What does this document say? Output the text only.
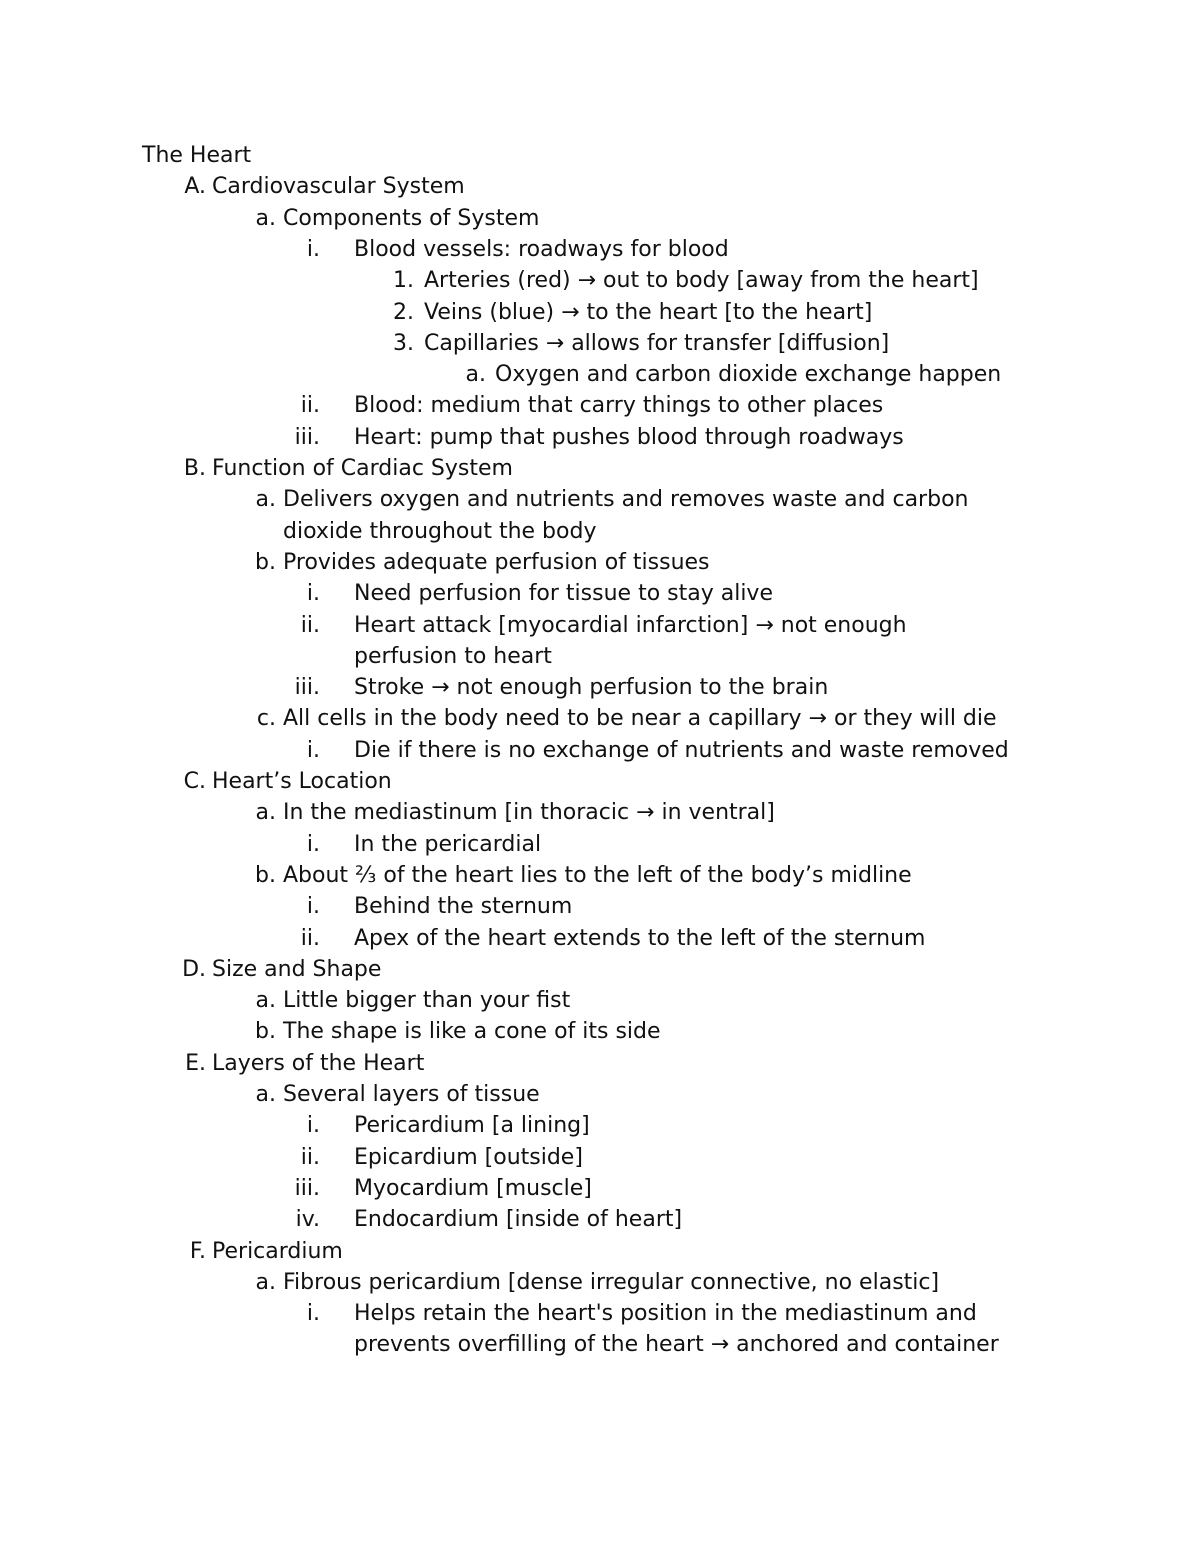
The Heart
A. Cardiovascular System
a. Components of System
i. Blood vessels: roadways for blood
1. Arteries (red) → out to body [away from the heart]
2. Veins (blue) → to the heart [to the heart]
3. Capillaries → allows for transfer [diffusion]
a. Oxygen and carbon dioxide exchange happen
ii. Blood: medium that carry things to other places
iii. Heart: pump that pushes blood through roadways
B. Function of Cardiac System
a. Delivers oxygen and nutrients and removes waste and carbon
dioxide throughout the body
b. Provides adequate perfusion of tissues
i. Need perfusion for tissue to stay alive
ii. Heart attack [myocardial infarction] → not enough
perfusion to heart
iii. Stroke → not enough perfusion to the brain
c. All cells in the body need to be near a capillary → or they will die
i. Die if there is no exchange of nutrients and waste removed
C. Heart’s Location
a. In the mediastinum [in thoracic → in ventral]
i. In the pericardial
b. About ⅔ of the heart lies to the left of the body’s midline
i. Behind the sternum
ii. Apex of the heart extends to the left of the sternum
D. Size and Shape
a. Little bigger than your fist
b. The shape is like a cone of its side
E. Layers of the Heart
a. Several layers of tissue
i. Pericardium [a lining]
ii. Epicardium [outside]
iii. Myocardium [muscle]
iv. Endocardium [inside of heart]
F. Pericardium
a. Fibrous pericardium [dense irregular connective, no elastic]
i. Helps retain the heart's position in the mediastinum and
prevents overfilling of the heart → anchored and container
